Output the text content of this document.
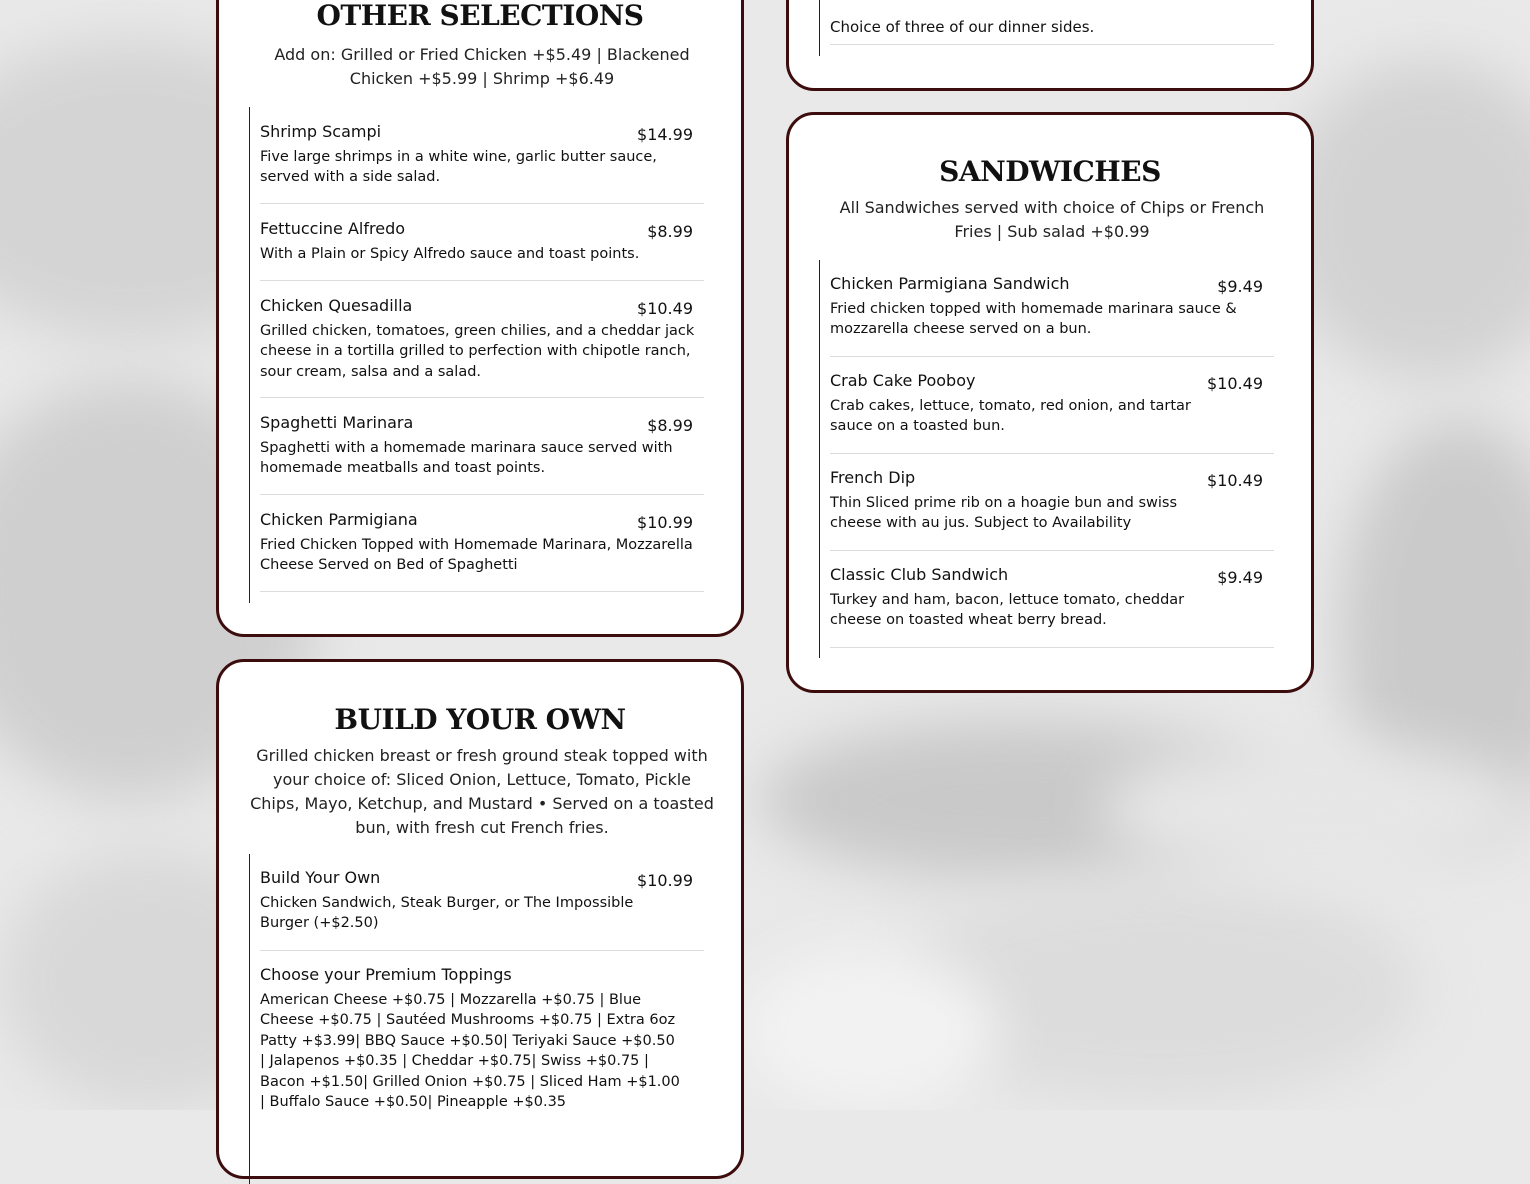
Choice of three of our dinner sides.

OTHER SELECTIONS

Add on: Grilled or Fried Chicken +$5.49 | Blackened Chicken +$5.99 | Shrimp +$6.49

Shrimp Scampi	$14.99

Five large shrimps in a white wine, garlic butter sauce, served with a side salad.

Fettuccine Alfredo	$8.99

With a Plain or Spicy Alfredo sauce and toast points.

Chicken Quesadilla	$10.49

Grilled chicken, tomatoes, green chilies, and a cheddar jack cheese in a tortilla grilled to perfection with chipotle ranch, sour cream, salsa and a salad.

Spaghetti Marinara	$8.99

Spaghetti with a homemade marinara sauce served with homemade meatballs and toast points.

Chicken Parmigiana	$10.99

Fried Chicken Topped with Homemade Marinara, Mozzarella Cheese Served on Bed of Spaghetti

SANDWICHES

All Sandwiches served with choice of Chips or French Fries | Sub salad +$0.99

Chicken Parmigiana Sandwich	$9.49

Fried chicken topped with homemade marinara sauce & mozzarella cheese served on a bun.

Crab Cake Pooboy	$10.49

Crab cakes, lettuce, tomato, red onion, and tartar sauce on a toasted bun.

French Dip	$10.49

Thin Sliced prime rib on a hoagie bun and swiss cheese with au jus. Subject to Availability

Classic Club Sandwich	$9.49

Turkey and ham, bacon, lettuce tomato, cheddar cheese on toasted wheat berry bread.

BUILD YOUR OWN

Grilled chicken breast or fresh ground steak topped with your choice of: Sliced Onion, Lettuce, Tomato, Pickle Chips, Mayo, Ketchup, and Mustard • Served on a toasted bun, with fresh cut French fries.

Build Your Own	$10.99

Chicken Sandwich, Steak Burger, or The Impossible Burger (+$2.50)

Choose your Premium Toppings

American Cheese +$0.75 | Mozzarella +$0.75 | Blue Cheese +$0.75 | Sautéed Mushrooms +$0.75 | Extra 6oz Patty +$3.99| BBQ Sauce +$0.50| Teriyaki Sauce +$0.50 | Jalapenos +$0.35 | Cheddar +$0.75| Swiss +$0.75 | Bacon +$1.50| Grilled Onion +$0.75 | Sliced Ham +$1.00 | Buffalo Sauce +$0.50| Pineapple +$0.35
